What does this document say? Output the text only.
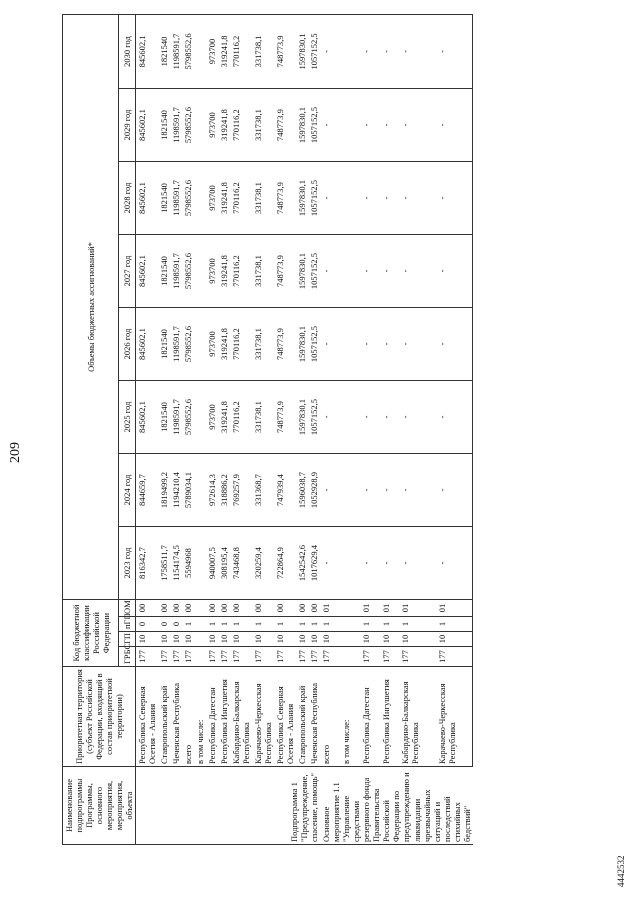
209
Наименование подпрограммы Программы, основного мероприятия, мероприятия, объекта	Приоритетная территория (субъект Российской Федерации, входящий в состав приоритетной территории)	Код бюджетной классификации Российской Федерации				Объемы бюджетных ассигнований*							
		ГРБС	ГП	пГП	ОМ	2023 год	2024 год	2025 год	2026 год	2027 год	2028 год	2029 год	2030 год
	Республика Северная Осетия - Алания	177	10	0	00	816342,7	844659,7	845602,1	845602,1	845602,1	845602,1	845602,1	845602,1
	Ставропольский край	177	10	0	00	1758511,7	1819499,2	1821540	1821540	1821540	1821540	1821540	1821540
	Чеченская Республика	177	10	0	00	1154174,5	1194210,4	1198591,7	1198591,7	1198591,7	1198591,7	1198591,7	1198591,7
Подпрограмма 1 "Предупреждение, спасение, помощь"	всего	177	10	1	00	5594968	5789034,1	5798552,6	5798552,6	5798552,6	5798552,6	5798552,6	5798552,6
	в том числе:												
	Республика Дагестан	177	10	1	00	940007,5	972614,3	973700	973700	973700	973700	973700	973700
	Республика Ингушетия	177	10	1	00	308195,4	318886,2	319241,8	319241,8	319241,8	319241,8	319241,8	319241,8
	Кабардино-Балкарская Республика	177	10	1	00	743468,8	769257,9	770116,2	770116,2	770116,2	770116,2	770116,2	770116,2
	Карачаево-Черкесская Республика	177	10	1	00	320259,4	331368,7	331738,1	331738,1	331738,1	331738,1	331738,1	331738,1
	Республика Северная Осетия - Алания	177	10	1	00	722864,9	747939,4	748773,9	748773,9	748773,9	748773,9	748773,9	748773,9
	Ставропольский край	177	10	1	00	1542542,6	1596038,7	1597830,1	1597830,1	1597830,1	1597830,1	1597830,1	1597830,1
	Чеченская Республика	177	10	1	00	1017629,4	1052928,9	1057152,5	1057152,5	1057152,5	1057152,5	1057152,5	1057152,5
Основное мероприятие 1.1 "Управление средствами резервного фонда Правительства Российской Федерации по предупреждению и ликвидации чрезвычайных ситуаций и последствий стихийных бедствий"	всего	177	10	1	01	-	-	-	-	-	-	-	-
	в том числе:												
	Республика Дагестан	177	10	1	01	-	-	-	-	-	-	-	-
	Республика Ингушетия	177	10	1	01	-	-	-	-	-	-	-	-
	Кабардино-Балкарская Республика	177	10	1	01	-	-	-	-	-	-	-	-
	Карачаево-Черкесская Республика	177	10	1	01	-	-	-	-	-	-	-	-
4442532
